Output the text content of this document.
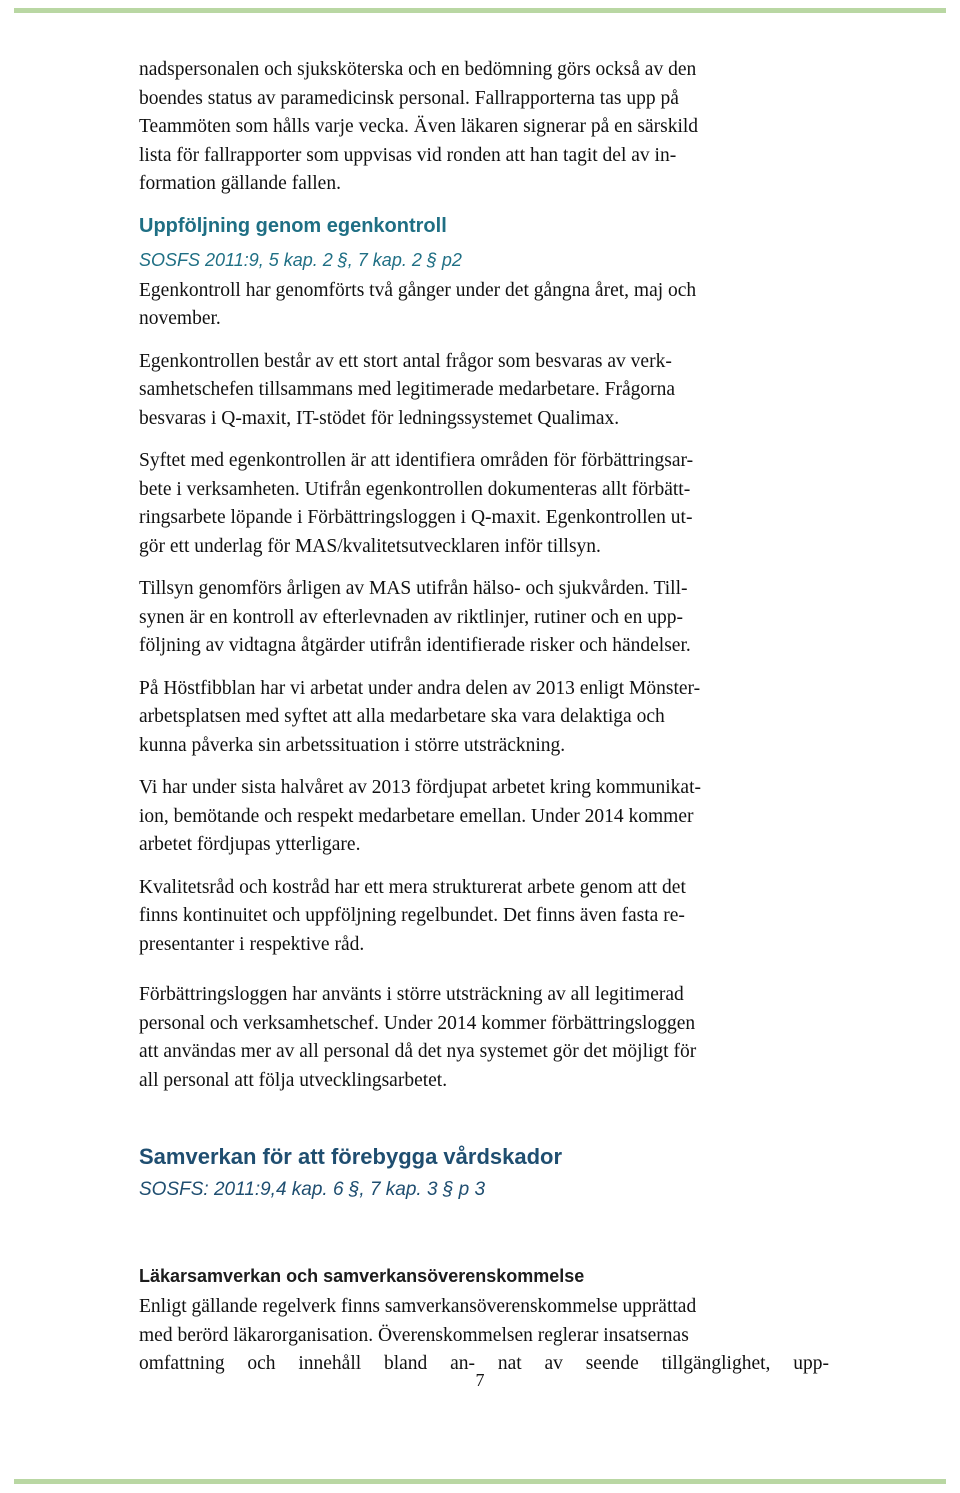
nadspersonalen och sjuksköterska och en bedömning görs också av den
boendes status av paramedicinsk personal. Fallrapporterna tas upp på
Teammöten som hålls varje vecka. Även läkaren signerar på en särskild
lista för fallrapporter som uppvisas vid ronden att han tagit del av in-
formation gällande fallen.

Uppföljning genom egenkontroll

SOSFS 2011:9, 5 kap. 2 §, 7 kap. 2 § p2

Egenkontroll har genomförts två gånger under det gångna året, maj och
november.

Egenkontrollen består av ett stort antal frågor som besvaras av verk-
samhetschefen tillsammans med legitimerade medarbetare. Frågorna
besvaras i Q-maxit, IT-stödet för ledningssystemet Qualimax.

Syftet med egenkontrollen är att identifiera områden för förbättringsar-
bete i verksamheten. Utifrån egenkontrollen dokumenteras allt förbätt-
ringsarbete löpande i Förbättringsloggen i Q-maxit. Egenkontrollen ut-
gör ett underlag för MAS/kvalitetsutvecklaren inför tillsyn.

Tillsyn genomförs årligen av MAS utifrån hälso- och sjukvården. Till-
synen är en kontroll av efterlevnaden av riktlinjer, rutiner och en upp-
följning av vidtagna åtgärder utifrån identifierade risker och händelser.

På Höstfibblan har vi arbetat under andra delen av 2013 enligt Mönster-
arbetsplatsen med syftet att alla medarbetare ska vara delaktiga och
kunna påverka sin arbetssituation i större utsträckning.

Vi har under sista halvåret av 2013 fördjupat arbetet kring kommunikat-
ion, bemötande och respekt medarbetare emellan. Under 2014 kommer
arbetet fördjupas ytterligare.

Kvalitetsråd och kostråd har ett mera strukturerat arbete genom att det
finns kontinuitet och uppföljning regelbundet. Det finns även fasta re-
presentanter i respektive råd.

Förbättringsloggen har använts i större utsträckning av all legitimerad
personal och verksamhetschef. Under 2014 kommer förbättringsloggen
att användas mer av all personal då det nya systemet gör det möjligt för
all personal att följa utvecklingsarbetet.

Samverkan för att förebygga vårdskador

SOSFS: 2011:9,4 kap. 6 §, 7 kap. 3 § p 3

Läkarsamverkan och samverkansöverenskommelse

Enligt gällande regelverk finns samverkansöverenskommelse upprättad
med berörd läkarorganisation. Överenskommelsen reglerar insatsernas
omfattning och innehåll bland an- nat av seende tillgänglighet, upp-

7
